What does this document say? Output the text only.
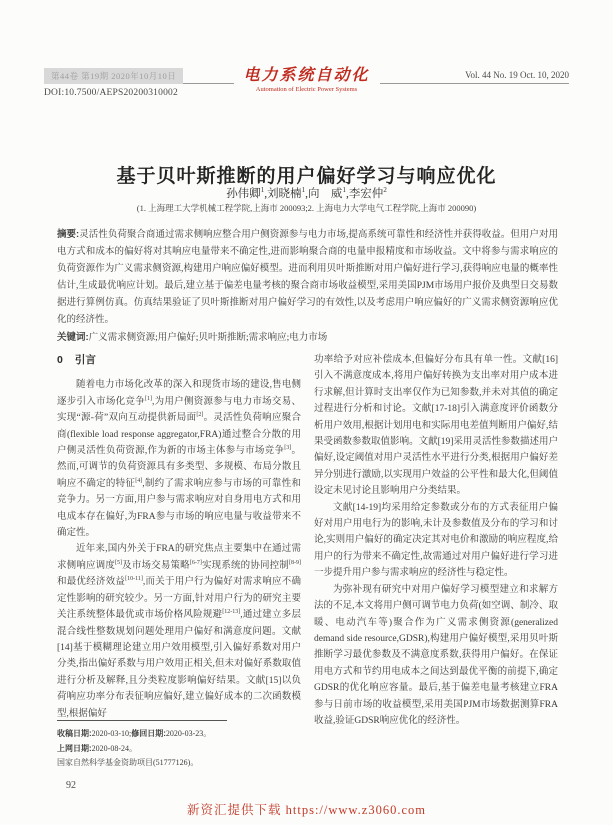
第44卷 第19期 2020年10月10日
DOI:10.7500/AEPS20200310002
电力系统自动化
Automation of Electric Power Systems
Vol. 44 No. 19 Oct. 10, 2020
基于贝叶斯推断的用户偏好学习与响应优化
孙伟卿$^1$,刘晓楠$^1$,向　威$^1$,李宏仲$^2$
(1. 上海理工大学机械工程学院,上海市 200093;2. 上海电力大学电气工程学院,上海市 200090)

摘要:灵活性负荷聚合商通过需求侧响应整合用户侧资源参与电力市场,提高系统可靠性和经济性并获得收益。但用户对用电方式和成本的偏好将对其响应电量带来不确定性,进而影响聚合商的电量申报精度和市场收益。文中将参与需求响应的负荷资源作为广义需求侧资源,构建用户响应偏好模型。进而利用贝叶斯推断对用户偏好进行学习,获得响应电量的概率性估计,生成最优响应计划。最后,建立基于偏差电量考核的聚合商市场收益模型,采用美国PJM市场用户报价及典型日交易数据进行算例仿真。仿真结果验证了贝叶斯推断对用户偏好学习的有效性,以及考虑用户响应偏好的广义需求侧资源响应优化的经济性。

关键词:广义需求侧资源;用户偏好;贝叶斯推断;需求响应;电力市场

0 引言

随着电力市场化改革的深入和现货市场的建设,售电侧逐步引入市场化竞争[1],为用户侧资源参与电力市场交易、实现“源-荷”双向互动提供新局面[2]。灵活性负荷响应聚合商(flexible load response aggregator,FRA)通过整合分散的用户侧灵活性负荷资源,作为新的市场主体参与市场竞争[3]。然而,可调节的负荷资源具有多类型、多规模、布局分散且响应不确定的特征[4],制约了需求响应参与市场的可靠性和竞争力。另一方面,用户参与需求响应对自身用电方式和用电成本存在偏好,为FRA参与市场的响应电量与收益带来不确定性。

近年来,国内外关于FRA的研究焦点主要集中在通过需求侧响应调度[5]及市场交易策略[6-7]实现系统的协同控制[8-9]和最优经济效益[10-11],而关于用户行为偏好对需求响应不确定性影响的研究较少。另一方面,针对用户行为的研究主要关注系统整体最优或市场价格风险规避[12-13],通过建立多层混合线性整数规划问题处理用户偏好和满意度问题。文献[14]基于模糊理论建立用户效用模型,引入偏好系数对用户分类,指出偏好系数与用户效用正相关,但未对偏好系数取值进行分析及解释,且分类粒度影响偏好结果。文献[15]以负荷响应功率分布表征响应偏好,建立偏好成本的二次函数模型,根据偏好

功率给予对应补偿成本,但偏好分布具有单一性。文献[16]引入不满意度成本,将用户偏好转换为支出率对用户成本进行求解,但计算时支出率仅作为已知参数,并未对其值的确定过程进行分析和讨论。文献[17-18]引入满意度评价函数分析用户效用,根据计划用电和实际用电差值判断用户偏好,结果受函数参数取值影响。文献[19]采用灵活性参数描述用户偏好,设定阈值对用户灵活性水平进行分类,根据用户偏好差异分别进行激励,以实现用户效益的公平性和最大化,但阈值设定未见讨论且影响用户分类结果。

文献[14-19]均采用给定参数或分布的方式表征用户偏好对用户用电行为的影响,未计及参数值及分布的学习和讨论,实则用户偏好的确定决定其对电价和激励的响应程度,给用户的行为带来不确定性,故需通过对用户偏好进行学习进一步提升用户参与需求响应的经济性与稳定性。

为弥补现有研究中对用户偏好学习模型建立和求解方法的不足,本文将用户侧可调节电力负荷(如空调、制冷、取暖、电动汽车等)聚合作为广义需求侧资源(generalized demand side resource,GDSR),构建用户偏好模型,采用贝叶斯推断学习最优参数及不满意度系数,获得用户偏好。在保证用电方式和节约用电成本之间达到最优平衡的前提下,确定GDSR的优化响应容量。最后,基于偏差电量考核建立FRA参与日前市场的收益模型,采用美国PJM市场数据测算FRA收益,验证GDSR响应优化的经济性。

收稿日期:2020-03-10;修回日期:2020-03-23。

上网日期:2020-08-24。

国家自然科学基金资助项目(51777126)。

92
新资汇提供下载 https://www.z3060.com
